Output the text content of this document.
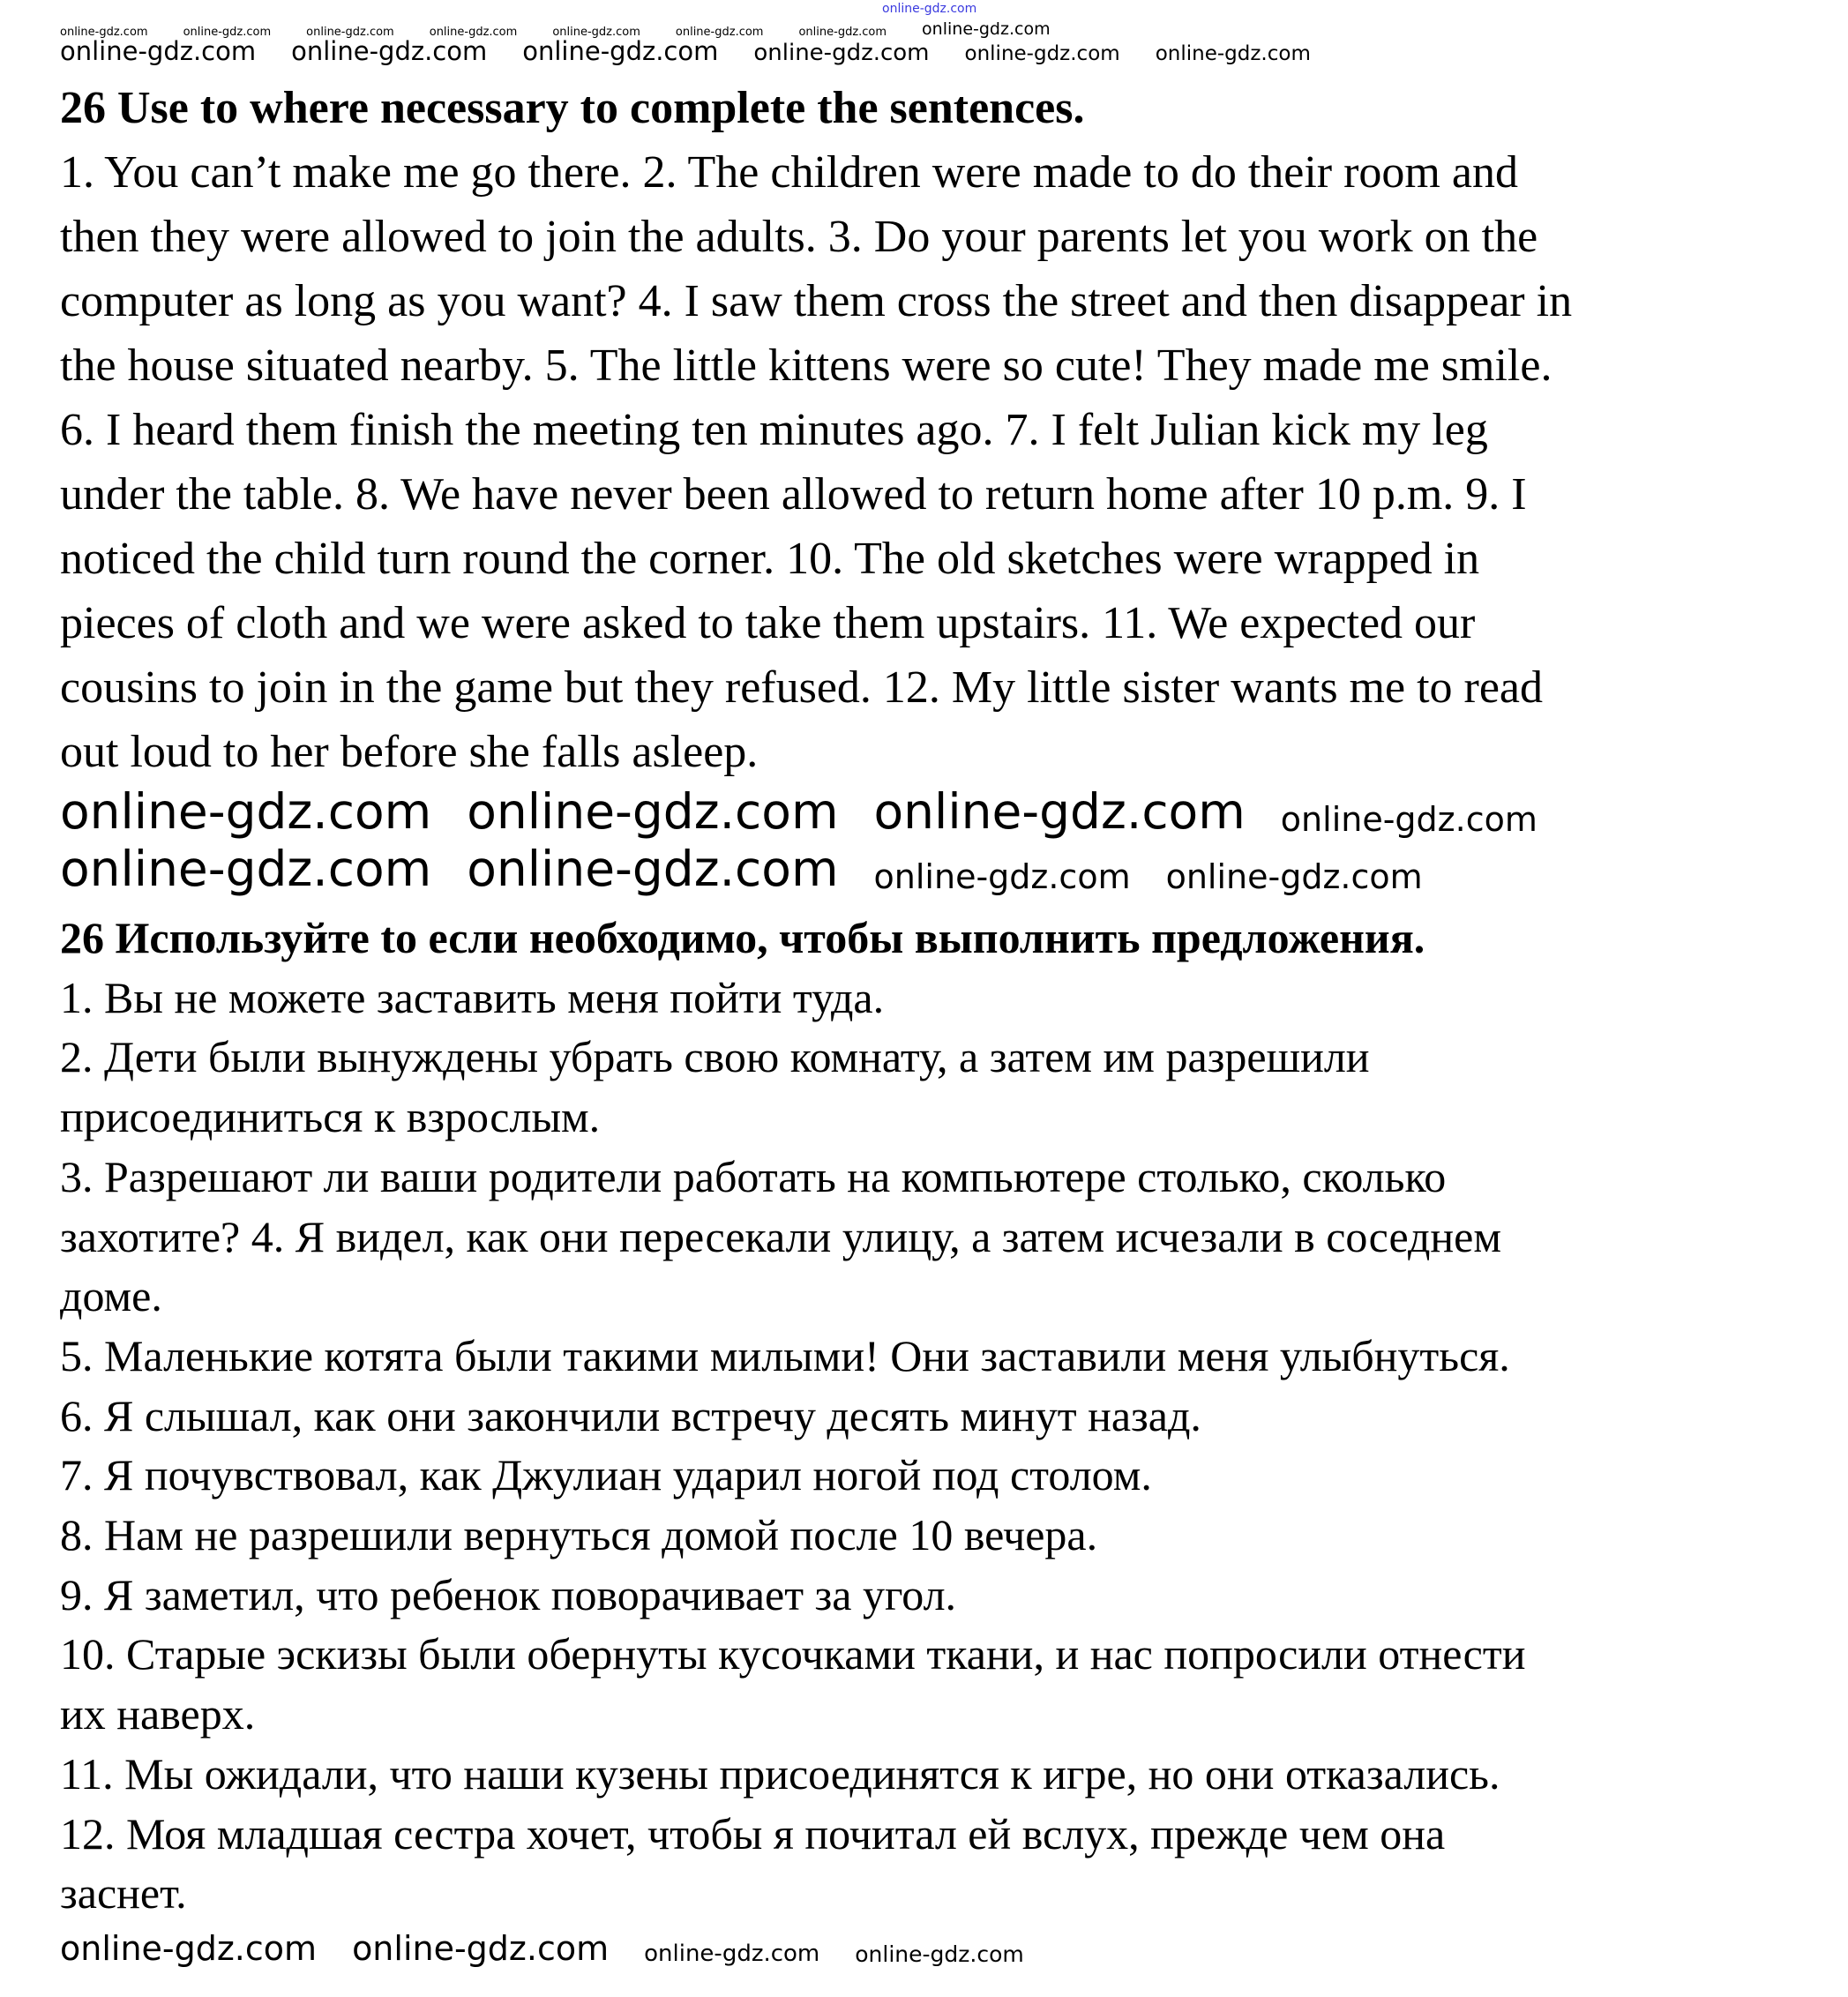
26 Use to where necessary to complete the sentences.
1. You can’t make me go there. 2. The children were made to do their room and
then they were allowed to join the adults. 3. Do your parents let you work on the
computer as long as you want? 4. I saw them cross the street and then disappear in
the house situated nearby. 5. The little kittens were so cute! They made me smile.
6. I heard them finish the meeting ten minutes ago. 7. I felt Julian kick my leg
under the table. 8. We have never been allowed to return home after 10 p.m. 9. I
noticed the child turn round the corner. 10. The old sketches were wrapped in
pieces of cloth and we were asked to take them upstairs. 11. We expected our
cousins to join in the game but they refused. 12. My little sister wants me to read
out loud to her before she falls asleep.
26 Используйте to если необходимо, чтобы выполнить предложения.
1. Вы не можете заставить меня пойти туда.
2. Дети были вынуждены убрать свою комнату, а затем им разрешили
присоединиться к взрослым.
3. Разрешают ли ваши родители работать на компьютере столько, сколько
захотите? 4. Я видел, как они пересекали улицу, а затем исчезали в соседнем
доме.
5. Маленькие котята были такими милыми! Они заставили меня улыбнуться.
6. Я слышал, как они закончили встречу десять минут назад.
7. Я почувствовал, как Джулиан ударил ногой под столом.
8. Нам не разрешили вернуться домой после 10 вечера.
9. Я заметил, что ребенок поворачивает за угол.
10. Старые эскизы были обернуты кусочками ткани, и нас попросили отнести
их наверх.
11. Мы ожидали, что наши кузены присоединятся к игре, но они отказались.
12. Моя младшая сестра хочет, чтобы я почитал ей вслух, прежде чем она
заснет.
online-gdz.com
online-gdz.com	online-gdz.com	online-gdz.com	online-gdz.com	online-gdz.com	online-gdz.com	online-gdz.com online-gdz.com
online-gdz.com online-gdz.com online-gdz.com online-gdz.com online-gdz.com online-gdz.com
online-gdz.com online-gdz.com online-gdz.com online-gdz.com
online-gdz.com online-gdz.com online-gdz.com online-gdz.com
online-gdz.com online-gdz.com online-gdz.com online-gdz.com
